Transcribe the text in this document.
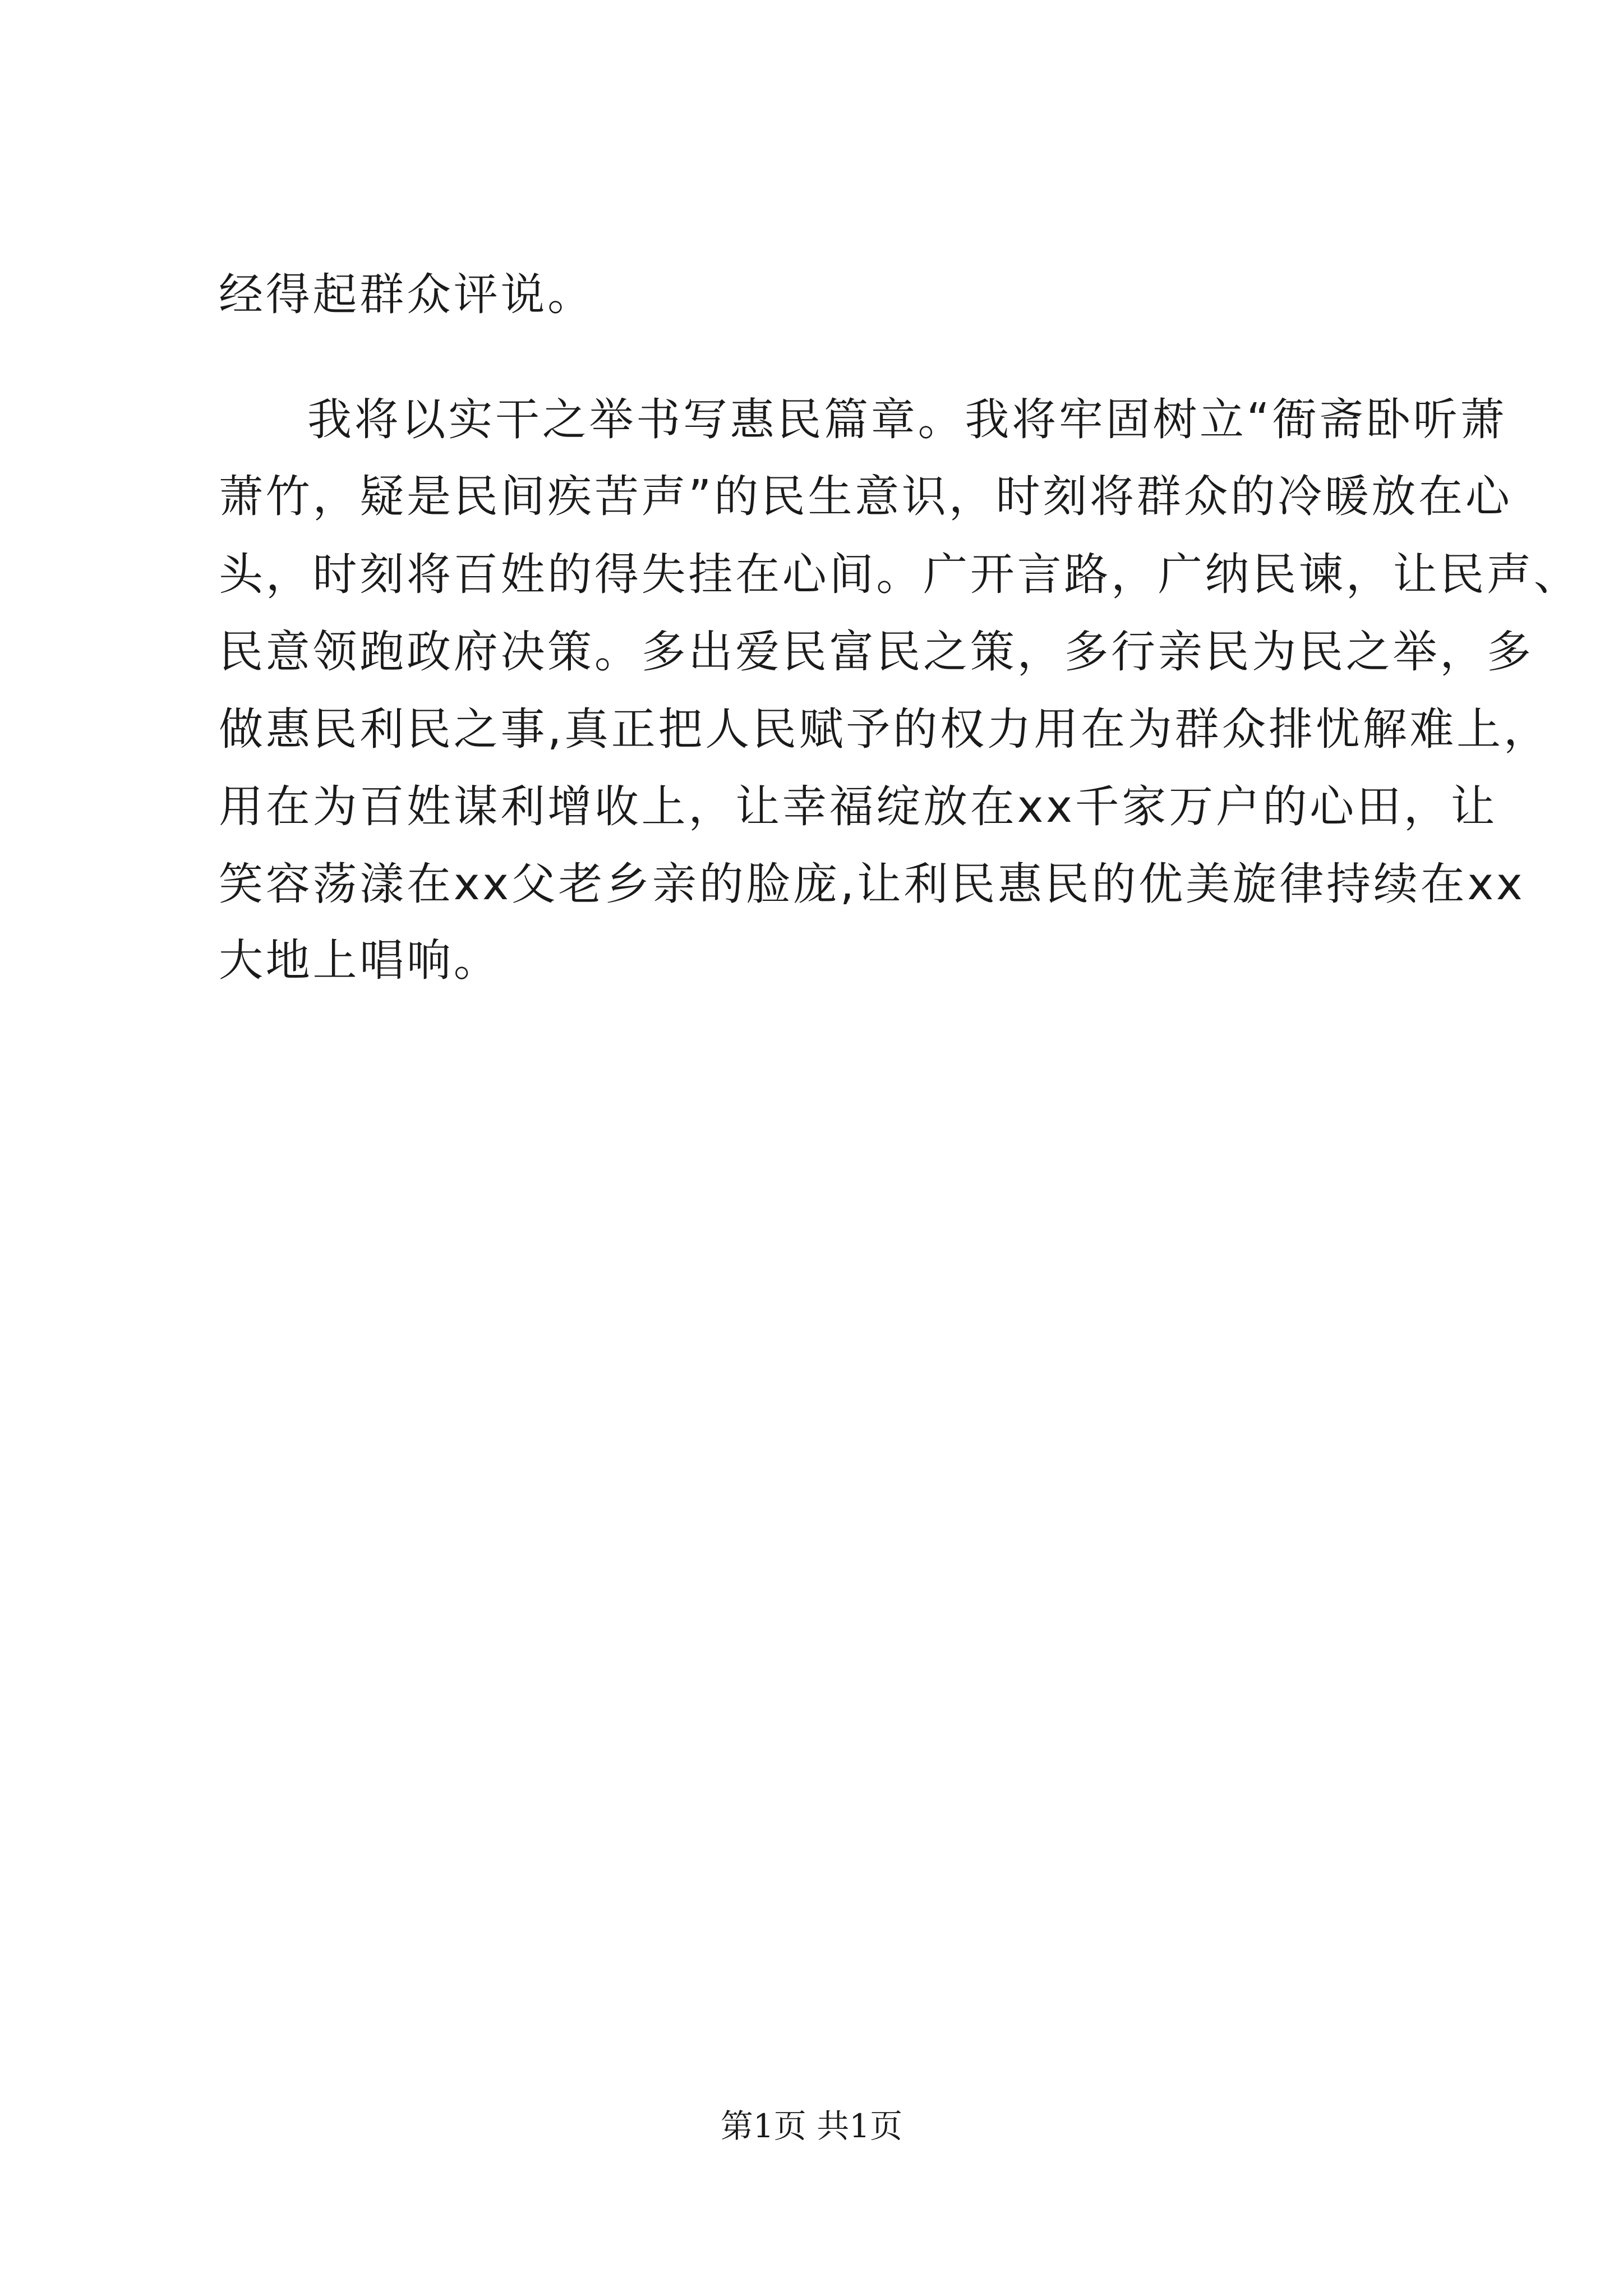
经得起群众评说。
我将以实干之举书写惠民篇章。我将牢固树立“衙斋卧听萧
萧竹，疑是民间疾苦声”的民生意识，时刻将群众的冷暖放在心
头，时刻将百姓的得失挂在心间。广开言路，广纳民谏，让民声、
民意领跑政府决策。多出爱民富民之策，多行亲民为民之举，多
做惠民利民之事,真正把人民赋予的权力用在为群众排忧解难上，
用在为百姓谋利增收上，让幸福绽放在xx千家万户的心田，让
笑容荡漾在xx父老乡亲的脸庞,让利民惠民的优美旋律持续在xx
大地上唱响。
第1页 共1页
